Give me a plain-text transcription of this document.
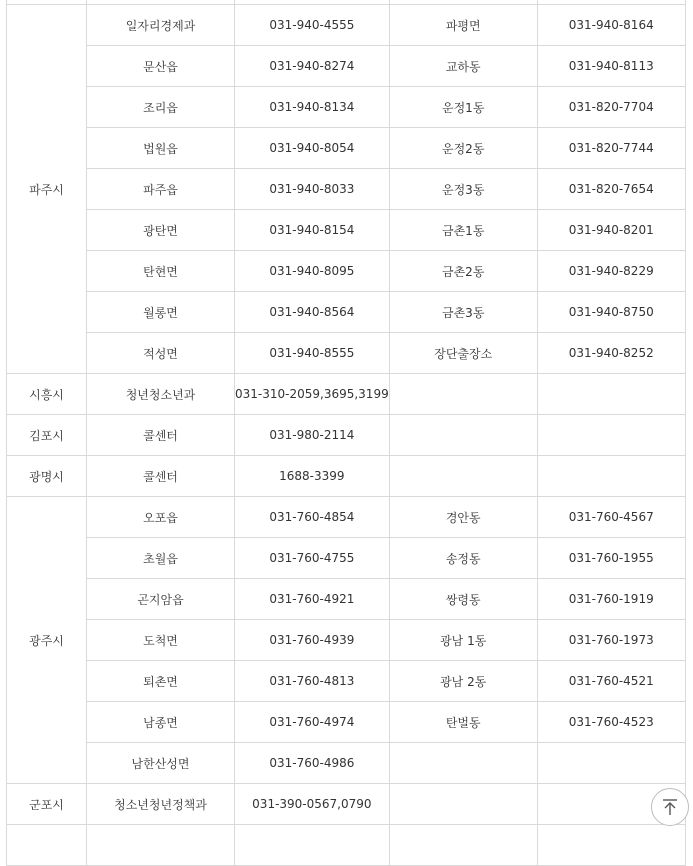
파주시	일자리경제과	031-940-4555	파평면	031-940-8164
	문산읍	031-940-8274	교하동	031-940-8113
	조리읍	031-940-8134	운정1동	031-820-7704
	법원읍	031-940-8054	운정2동	031-820-7744
	파주읍	031-940-8033	운정3동	031-820-7654
	광탄면	031-940-8154	금촌1동	031-940-8201
	탄현면	031-940-8095	금촌2동	031-940-8229
	월롱면	031-940-8564	금촌3동	031-940-8750
	적성면	031-940-8555	장단출장소	031-940-8252
시흥시	청년청소년과	031-310-2059,3695,3199		
김포시	콜센터	031-980-2114		
광명시	콜센터	1688-3399		
광주시	오포읍	031-760-4854	경안동	031-760-4567
	초월읍	031-760-4755	송정동	031-760-1955
	곤지암읍	031-760-4921	쌍령동	031-760-1919
	도척면	031-760-4939	광남 1동	031-760-1973
	퇴촌면	031-760-4813	광남 2동	031-760-4521
	남종면	031-760-4974	탄벌동	031-760-4523
	남한산성면	031-760-4986		
군포시	청소년청년정책과	031-390-0567,0790		
